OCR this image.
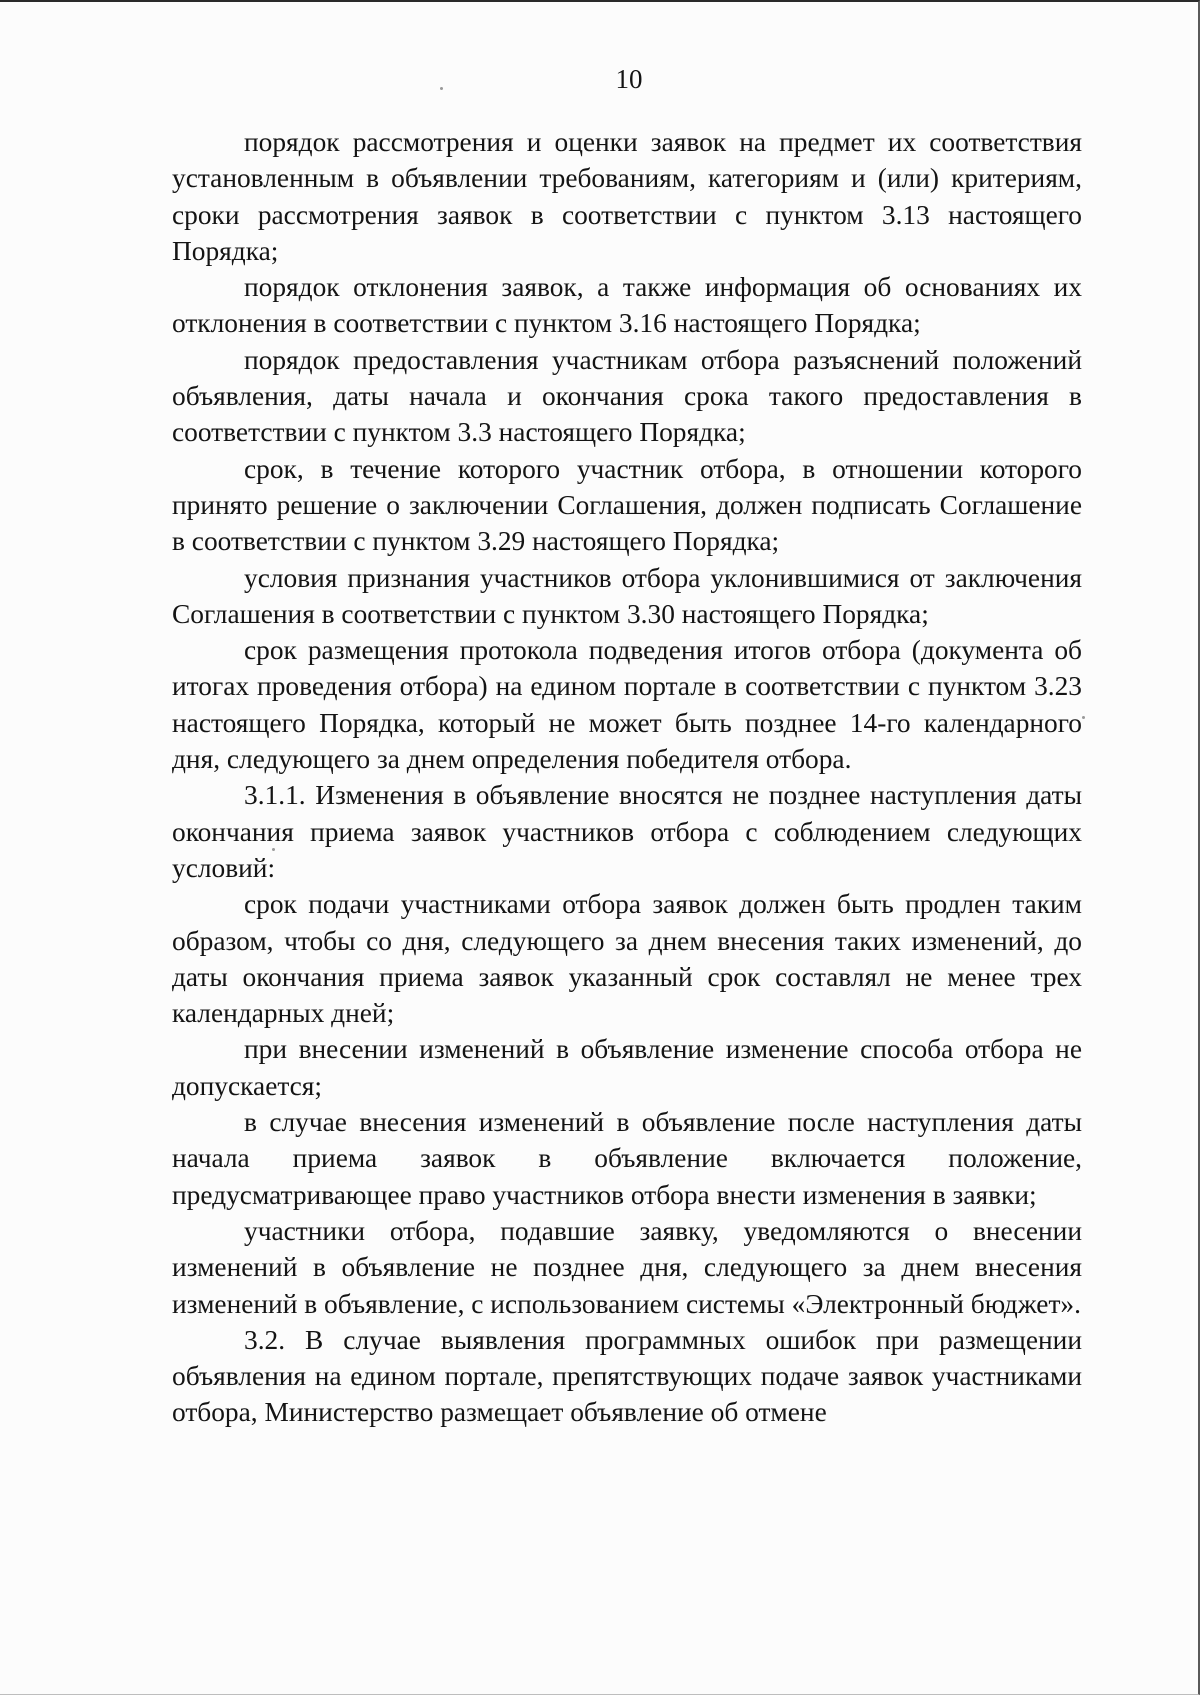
10

порядок рассмотрения и оценки заявок на предмет их соответствия установленным в объявлении требованиям, категориям и (или) критериям, сроки рассмотрения заявок в соответствии с пунктом 3.13 настоящего Порядка;

порядок отклонения заявок, а также информация об основаниях их отклонения в соответствии с пунктом 3.16 настоящего Порядка;

порядок предоставления участникам отбора разъяснений положений объявления, даты начала и окончания срока такого предоставления в соответствии с пунктом 3.3 настоящего Порядка;

срок, в течение которого участник отбора, в отношении которого принято решение о заключении Соглашения, должен подписать Соглашение в соответствии с пунктом 3.29 настоящего Порядка;

условия признания участников отбора уклонившимися от заключения Соглашения в соответствии с пунктом 3.30 настоящего Порядка;

срок размещения протокола подведения итогов отбора (документа об итогах проведения отбора) на едином портале в соответствии с пунктом 3.23 настоящего Порядка, который не может быть позднее 14-го календарного дня, следующего за днем определения победителя отбора.

3.1.1. Изменения в объявление вносятся не позднее наступления даты окончания приема заявок участников отбора с соблюдением следующих условий:

срок подачи участниками отбора заявок должен быть продлен таким образом, чтобы со дня, следующего за днем внесения таких изменений, до даты окончания приема заявок указанный срок составлял не менее трех календарных дней;

при внесении изменений в объявление изменение способа отбора не допускается;

в случае внесения изменений в объявление после наступления даты начала приема заявок в объявление включается положение, предусматривающее право участников отбора внести изменения в заявки;

участники отбора, подавшие заявку, уведомляются о внесении изменений в объявление не позднее дня, следующего за днем внесения изменений в объявление, с использованием системы «Электронный бюджет».

3.2. В случае выявления программных ошибок при размещении объявления на едином портале, препятствующих подаче заявок участниками отбора, Министерство размещает объявление об отмене
